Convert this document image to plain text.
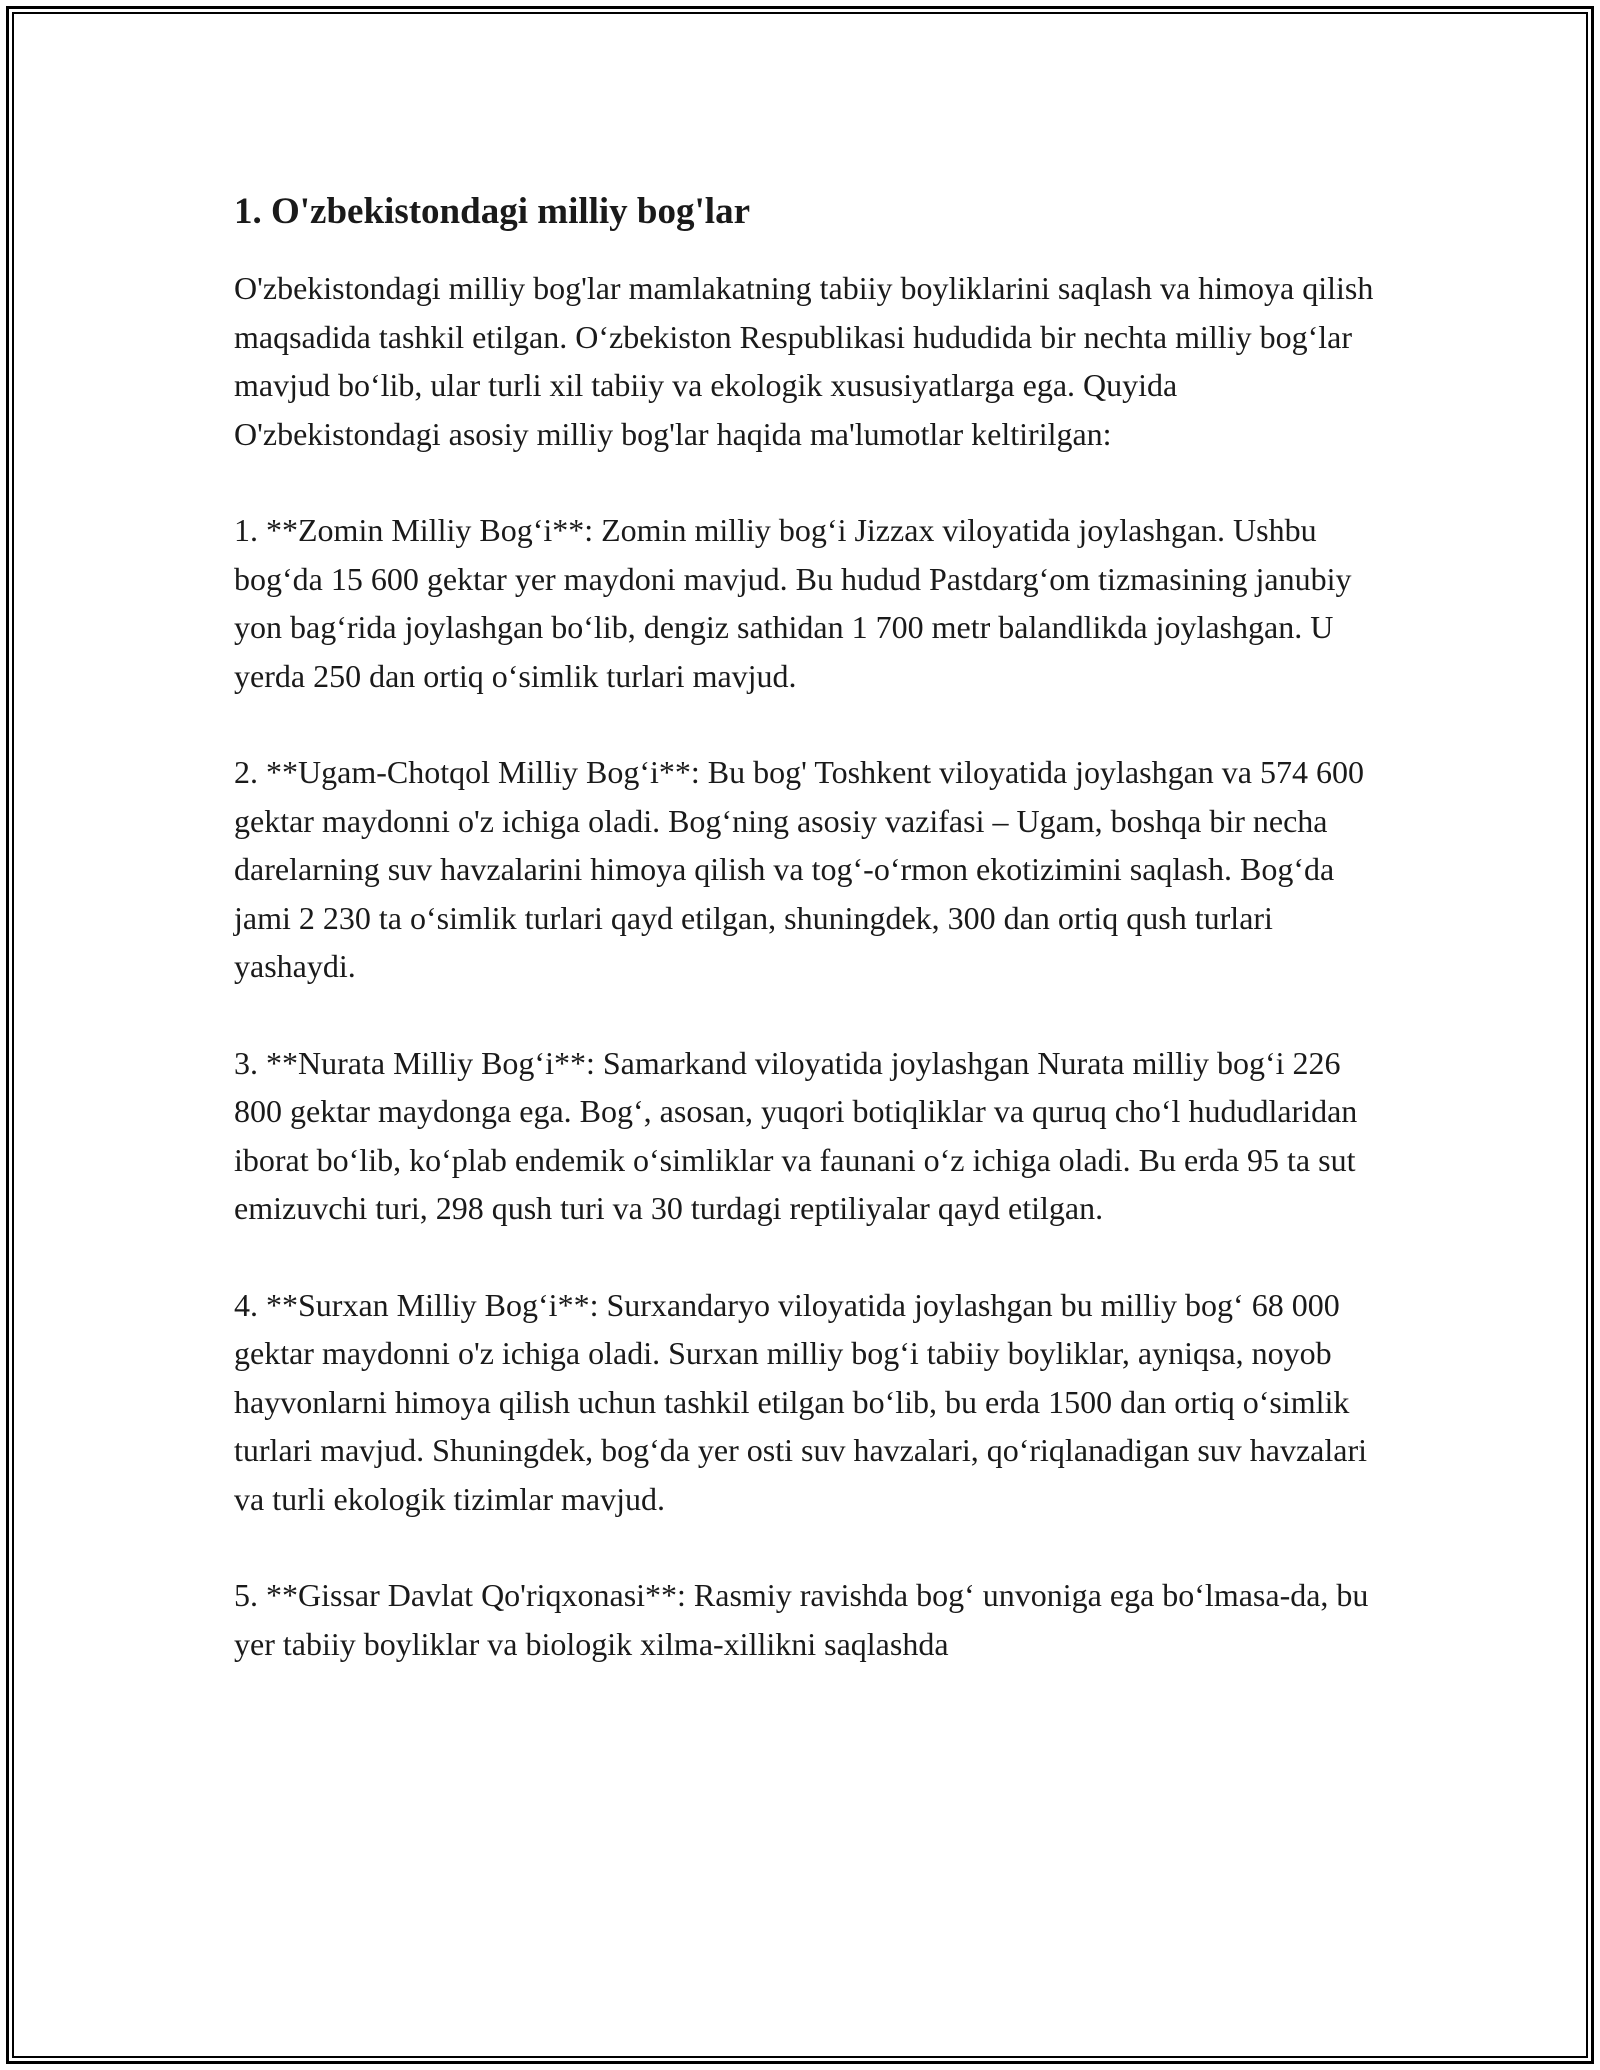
1. O'zbekistondagi milliy bog'lar

O'zbekistondagi milliy bog'lar mamlakatning tabiiy boyliklarini saqlash va himoya qilish maqsadida tashkil etilgan. O‘zbekiston Respublikasi hududida bir nechta milliy bog‘lar mavjud bo‘lib, ular turli xil tabiiy va ekologik xususiyatlarga ega. Quyida O'zbekistondagi asosiy milliy bog'lar haqida ma'lumotlar keltirilgan:

1. **Zomin Milliy Bog‘i**: Zomin milliy bog‘i Jizzax viloyatida joylashgan. Ushbu bog‘da 15 600 gektar yer maydoni mavjud. Bu hudud Pastdarg‘om tizmasining janubiy yon bag‘rida joylashgan bo‘lib, dengiz sathidan 1 700 metr balandlikda joylashgan. U yerda 250 dan ortiq o‘simlik turlari mavjud.

2. **Ugam-Chotqol Milliy Bog‘i**: Bu bog' Toshkent viloyatida joylashgan va 574 600 gektar maydonni o'z ichiga oladi. Bog‘ning asosiy vazifasi – Ugam, boshqa bir necha darelarning suv havzalarini himoya qilish va tog‘-o‘rmon ekotizimini saqlash. Bog‘da jami 2 230 ta o‘simlik turlari qayd etilgan, shuningdek, 300 dan ortiq qush turlari yashaydi.

3. **Nurata Milliy Bog‘i**: Samarkand viloyatida joylashgan Nurata milliy bog‘i 226 800 gektar maydonga ega. Bog‘, asosan, yuqori botiqliklar va quruq cho‘l hududlaridan iborat bo‘lib, ko‘plab endemik o‘simliklar va faunani o‘z ichiga oladi. Bu erda 95 ta sut emizuvchi turi, 298 qush turi va 30 turdagi reptiliyalar qayd etilgan.

4. **Surxan Milliy Bog‘i**: Surxandaryo viloyatida joylashgan bu milliy bog‘ 68 000 gektar maydonni o'z ichiga oladi. Surxan milliy bog‘i tabiiy boyliklar, ayniqsa, noyob hayvonlarni himoya qilish uchun tashkil etilgan bo‘lib, bu erda 1500 dan ortiq o‘simlik turlari mavjud. Shuningdek, bog‘da yer osti suv havzalari, qo‘riqlanadigan suv havzalari va turli ekologik tizimlar mavjud.

5. **Gissar Davlat Qo'riqxonasi**: Rasmiy ravishda bog‘ unvoniga ega bo‘lmasa-da, bu yer tabiiy boyliklar va biologik xilma-xillikni saqlashda
